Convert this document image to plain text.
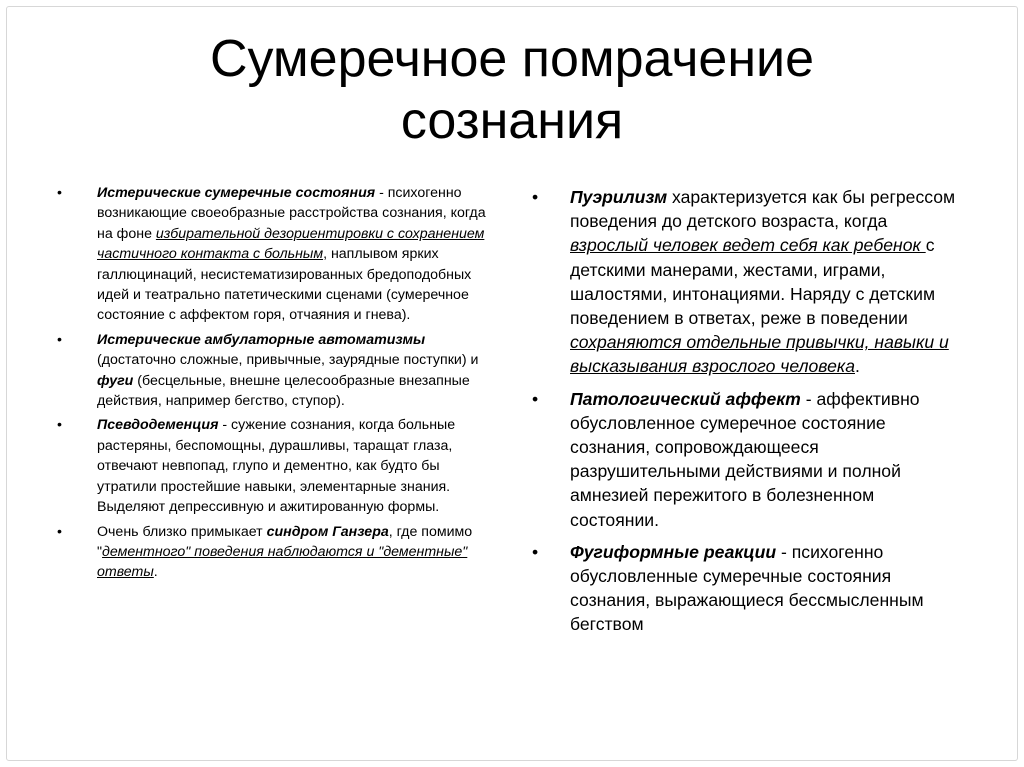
Сумеречное помрачение
сознания
• Истерические сумеречные состояния - психогенно возникающие своеобразные расстройства сознания, когда на фоне избирательной дезориентировки с сохранением частичного контакта с больным, наплывом ярких галлюцинаций, несистематизированных бредоподобных идей и театрально патетическими сценами (сумеречное состояние с аффектом горя, отчаяния и гнева).
• Истерические амбулаторные автоматизмы (достаточно сложные, привычные, заурядные поступки) и фуги (бесцельные, внешне целесообразные внезапные действия, например бегство, ступор).
• Псевдодеменция - сужение сознания, когда больные растеряны, беспомощны, дурашливы, таращат глаза, отвечают невпопад, глупо и дементно, как будто бы утратили простейшие навыки, элементарные знания. Выделяют депрессивную и ажитированную формы.
• Очень близко примыкает синдром Ганзера, где помимо "дементного" поведения наблюдаются и "дементные" ответы.
• Пуэрилизм характеризуется как бы регрессом поведения до детского возраста, когда взрослый человек ведет себя как ребенок с детскими манерами, жестами, играми, шалостями, интонациями. Наряду с детским поведением в ответах, реже в поведении сохраняются отдельные привычки, навыки и высказывания взрослого человека.
• Патологический аффект - аффективно обусловленное сумеречное состояние сознания, сопровождающееся разрушительными действиями и полной амнезией пережитого в болезненном состоянии.
• Фугиформные реакции - психогенно обусловленные сумеречные состояния сознания, выражающиеся бессмысленным бегством
